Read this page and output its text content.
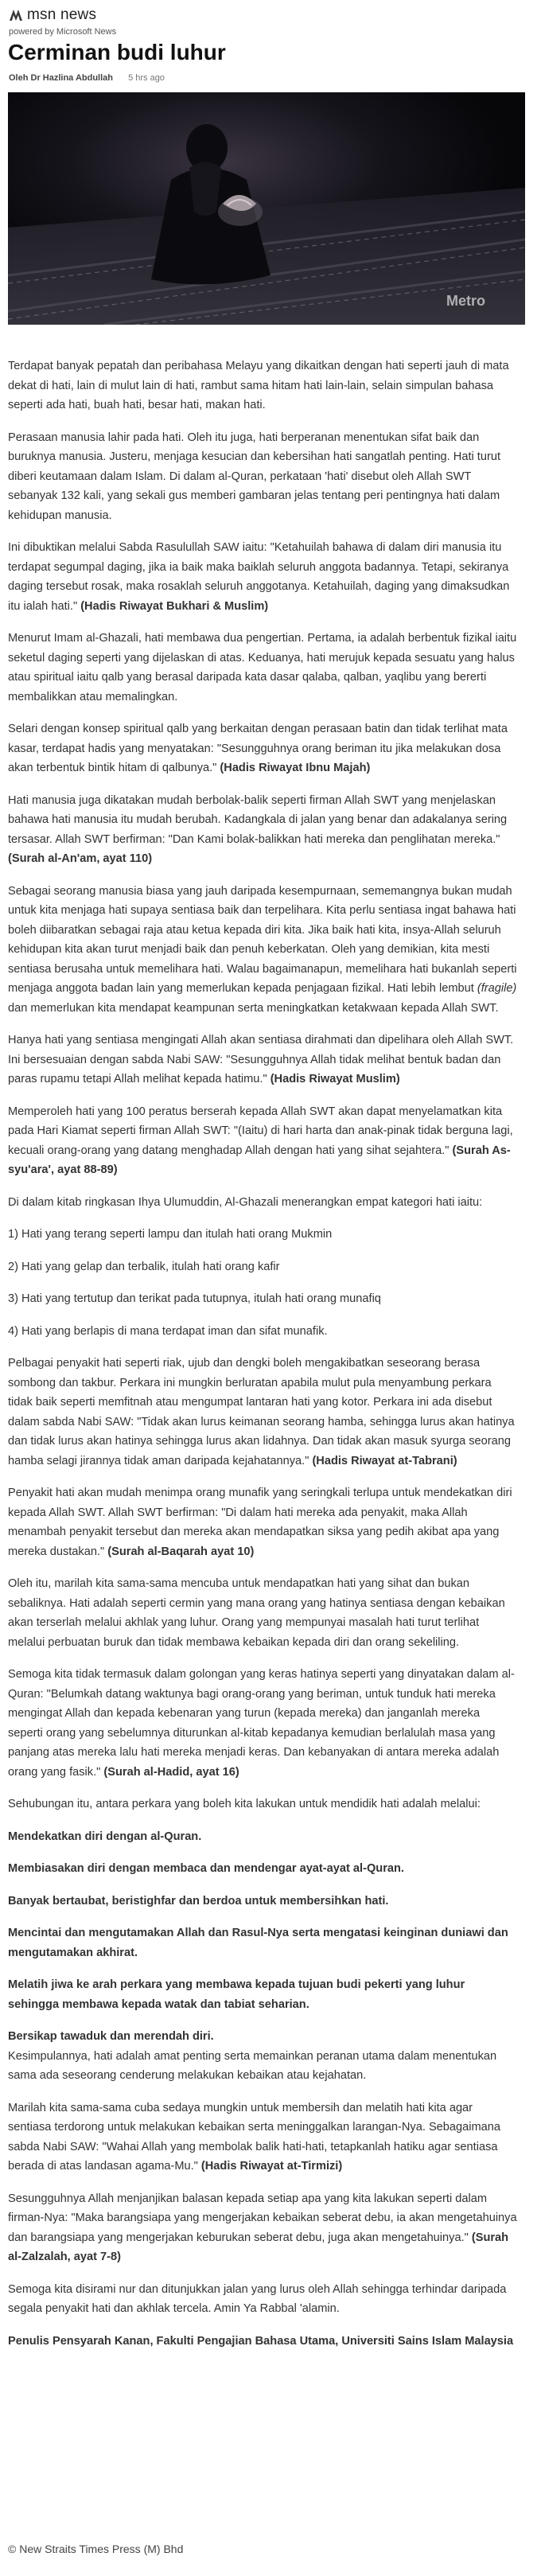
msn news
powered by Microsoft News
Cerminan budi luhur
Oleh Dr Hazlina Abdullah 5 hrs ago
Metro

Terdapat banyak pepatah dan peribahasa Melayu yang dikaitkan dengan hati seperti jauh di mata dekat di hati, lain di mulut lain di hati, rambut sama hitam hati lain-lain, selain simpulan bahasa seperti ada hati, buah hati, besar hati, makan hati.

Perasaan manusia lahir pada hati. Oleh itu juga, hati berperanan menentukan sifat baik dan buruknya manusia. Justeru, menjaga kesucian dan kebersihan hati sangatlah penting. Hati turut diberi keutamaan dalam Islam. Di dalam al-Quran, perkataan 'hati' disebut oleh Allah SWT sebanyak 132 kali, yang sekali gus memberi gambaran jelas tentang peri pentingnya hati dalam kehidupan manusia.

Ini dibuktikan melalui Sabda Rasulullah SAW iaitu: "Ketahuilah bahawa di dalam diri manusia itu terdapat segumpal daging, jika ia baik maka baiklah seluruh anggota badannya. Tetapi, sekiranya daging tersebut rosak, maka rosaklah seluruh anggotanya. Ketahuilah, daging yang dimaksudkan itu ialah hati." (Hadis Riwayat Bukhari & Muslim)

Menurut Imam al-Ghazali, hati membawa dua pengertian. Pertama, ia adalah berbentuk fizikal iaitu seketul daging seperti yang dijelaskan di atas. Keduanya, hati merujuk kepada sesuatu yang halus atau spiritual iaitu qalb yang berasal daripada kata dasar qalaba, qalban, yaqlibu yang bererti membalikkan atau memalingkan.

Selari dengan konsep spiritual qalb yang berkaitan dengan perasaan batin dan tidak terlihat mata kasar, terdapat hadis yang menyatakan: "Sesungguhnya orang beriman itu jika melakukan dosa akan terbentuk bintik hitam di qalbunya." (Hadis Riwayat Ibnu Majah)

Hati manusia juga dikatakan mudah berbolak-balik seperti firman Allah SWT yang menjelaskan bahawa hati manusia itu mudah berubah. Kadangkala di jalan yang benar dan adakalanya sering tersasar. Allah SWT berfirman: "Dan Kami bolak-balikkan hati mereka dan penglihatan mereka." (Surah al-An'am, ayat 110)

Sebagai seorang manusia biasa yang jauh daripada kesempurnaan, sememangnya bukan mudah untuk kita menjaga hati supaya sentiasa baik dan terpelihara. Kita perlu sentiasa ingat bahawa hati boleh diibaratkan sebagai raja atau ketua kepada diri kita. Jika baik hati kita, insya-Allah seluruh kehidupan kita akan turut menjadi baik dan penuh keberkatan. Oleh yang demikian, kita mesti sentiasa berusaha untuk memelihara hati. Walau bagaimanapun, memelihara hati bukanlah seperti menjaga anggota badan lain yang memerlukan kepada penjagaan fizikal. Hati lebih lembut (fragile) dan memerlukan kita mendapat keampunan serta meningkatkan ketakwaan kepada Allah SWT.

Hanya hati yang sentiasa mengingati Allah akan sentiasa dirahmati dan dipelihara oleh Allah SWT. Ini bersesuaian dengan sabda Nabi SAW: "Sesungguhnya Allah tidak melihat bentuk badan dan paras rupamu tetapi Allah melihat kepada hatimu." (Hadis Riwayat Muslim)

Memperoleh hati yang 100 peratus berserah kepada Allah SWT akan dapat menyelamatkan kita pada Hari Kiamat seperti firman Allah SWT: "(Iaitu) di hari harta dan anak-pinak tidak berguna lagi, kecuali orang-orang yang datang menghadap Allah dengan hati yang sihat sejahtera." (Surah As-syu'ara', ayat 88-89)

Di dalam kitab ringkasan Ihya Ulumuddin, Al-Ghazali menerangkan empat kategori hati iaitu:

1) Hati yang terang seperti lampu dan itulah hati orang Mukmin

2) Hati yang gelap dan terbalik, itulah hati orang kafir

3) Hati yang tertutup dan terikat pada tutupnya, itulah hati orang munafiq

4) Hati yang berlapis di mana terdapat iman dan sifat munafik.

Pelbagai penyakit hati seperti riak, ujub dan dengki boleh mengakibatkan seseorang berasa sombong dan takbur. Perkara ini mungkin berluratan apabila mulut pula menyambung perkara tidak baik seperti memfitnah atau mengumpat lantaran hati yang kotor. Perkara ini ada disebut dalam sabda Nabi SAW: "Tidak akan lurus keimanan seorang hamba, sehingga lurus akan hatinya dan tidak lurus akan hatinya sehingga lurus akan lidahnya. Dan tidak akan masuk syurga seorang hamba selagi jirannya tidak aman daripada kejahatannya." (Hadis Riwayat at-Tabrani)

Penyakit hati akan mudah menimpa orang munafik yang seringkali terlupa untuk mendekatkan diri kepada Allah SWT. Allah SWT berfirman: "Di dalam hati mereka ada penyakit, maka Allah menambah penyakit tersebut dan mereka akan mendapatkan siksa yang pedih akibat apa yang mereka dustakan." (Surah al-Baqarah ayat 10)

Oleh itu, marilah kita sama-sama mencuba untuk mendapatkan hati yang sihat dan bukan sebaliknya. Hati adalah seperti cermin yang mana orang yang hatinya sentiasa dengan kebaikan akan terserlah melalui akhlak yang luhur. Orang yang mempunyai masalah hati turut terlihat melalui perbuatan buruk dan tidak membawa kebaikan kepada diri dan orang sekeliling.

Semoga kita tidak termasuk dalam golongan yang keras hatinya seperti yang dinyatakan dalam al-Quran: "Belumkah datang waktunya bagi orang-orang yang beriman, untuk tunduk hati mereka mengingat Allah dan kepada kebenaran yang turun (kepada mereka) dan janganlah mereka seperti orang yang sebelumnya diturunkan al-kitab kepadanya kemudian berlalulah masa yang panjang atas mereka lalu hati mereka menjadi keras. Dan kebanyakan di antara mereka adalah orang yang fasik." (Surah al-Hadid, ayat 16)

Sehubungan itu, antara perkara yang boleh kita lakukan untuk mendidik hati adalah melalui:

Mendekatkan diri dengan al-Quran.

Membiasakan diri dengan membaca dan mendengar ayat-ayat al-Quran.

Banyak bertaubat, beristighfar dan berdoa untuk membersihkan hati.

Mencintai dan mengutamakan Allah dan Rasul-Nya serta mengatasi keinginan duniawi dan mengutamakan akhirat.

Melatih jiwa ke arah perkara yang membawa kepada tujuan budi pekerti yang luhur sehingga membawa kepada watak dan tabiat seharian.

Bersikap tawaduk dan merendah diri.
Kesimpulannya, hati adalah amat penting serta memainkan peranan utama dalam menentukan sama ada seseorang cenderung melakukan kebaikan atau kejahatan.

Marilah kita sama-sama cuba sedaya mungkin untuk membersih dan melatih hati kita agar sentiasa terdorong untuk melakukan kebaikan serta meninggalkan larangan-Nya. Sebagaimana sabda Nabi SAW: "Wahai Allah yang membolak balik hati-hati, tetapkanlah hatiku agar sentiasa berada di atas landasan agama-Mu." (Hadis Riwayat at-Tirmizi)

Sesungguhnya Allah menjanjikan balasan kepada setiap apa yang kita lakukan seperti dalam firman-Nya: "Maka barangsiapa yang mengerjakan kebaikan seberat debu, ia akan mengetahuinya dan barangsiapa yang mengerjakan keburukan seberat debu, juga akan mengetahuinya." (Surah al-Zalzalah, ayat 7-8)

Semoga kita disirami nur dan ditunjukkan jalan yang lurus oleh Allah sehingga terhindar daripada segala penyakit hati dan akhlak tercela. Amin Ya Rabbal 'alamin.

Penulis Pensyarah Kanan, Fakulti Pengajian Bahasa Utama, Universiti Sains Islam Malaysia

© New Straits Times Press (M) Bhd
